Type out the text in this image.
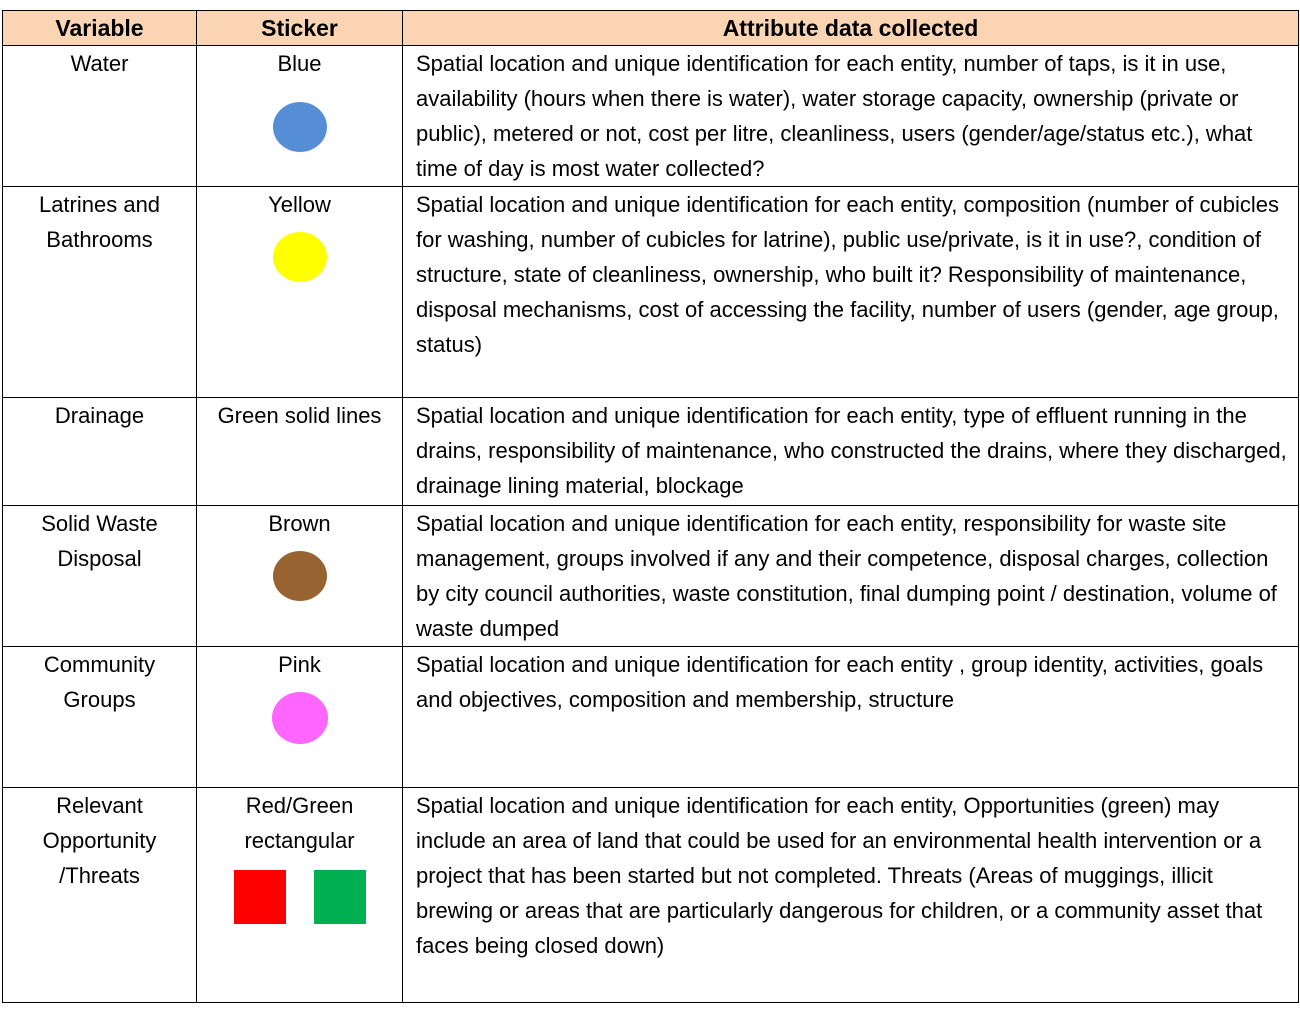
Variable	Sticker	Attribute data collected
Water	Blue	Spatial location and unique identification for each entity, number of taps, is it in use, availability (hours when there is water), water storage capacity, ownership (private or public), metered or not, cost per litre, cleanliness, users (gender/age/status etc.), what time of day is most water collected?
Latrines and Bathrooms	Yellow	Spatial location and unique identification for each entity, composition (number of cubicles for washing, number of cubicles for latrine), public use/private, is it in use?, condition of structure, state of cleanliness, ownership, who built it? Responsibility of maintenance, disposal mechanisms, cost of accessing the facility, number of users (gender, age group, status)
Drainage	Green solid lines	Spatial location and unique identification for each entity, type of effluent running in the drains, responsibility of maintenance, who constructed the drains, where they discharged, drainage lining material, blockage
Solid Waste Disposal	Brown	Spatial location and unique identification for each entity, responsibility for waste site management, groups involved if any and their competence, disposal charges, collection by city council authorities, waste constitution, final dumping point / destination, volume of waste dumped
Community Groups	Pink	Spatial location and unique identification for each entity , group identity, activities, goals and objectives, composition and membership, structure
Relevant Opportunity /Threats	Red/Green rectangular	Spatial location and unique identification for each entity, Opportunities (green) may include an area of land that could be used for an environmental health intervention or a project that has been started but not completed. Threats (Areas of muggings, illicit brewing or areas that are particularly dangerous for children, or a community asset that faces being closed down)
